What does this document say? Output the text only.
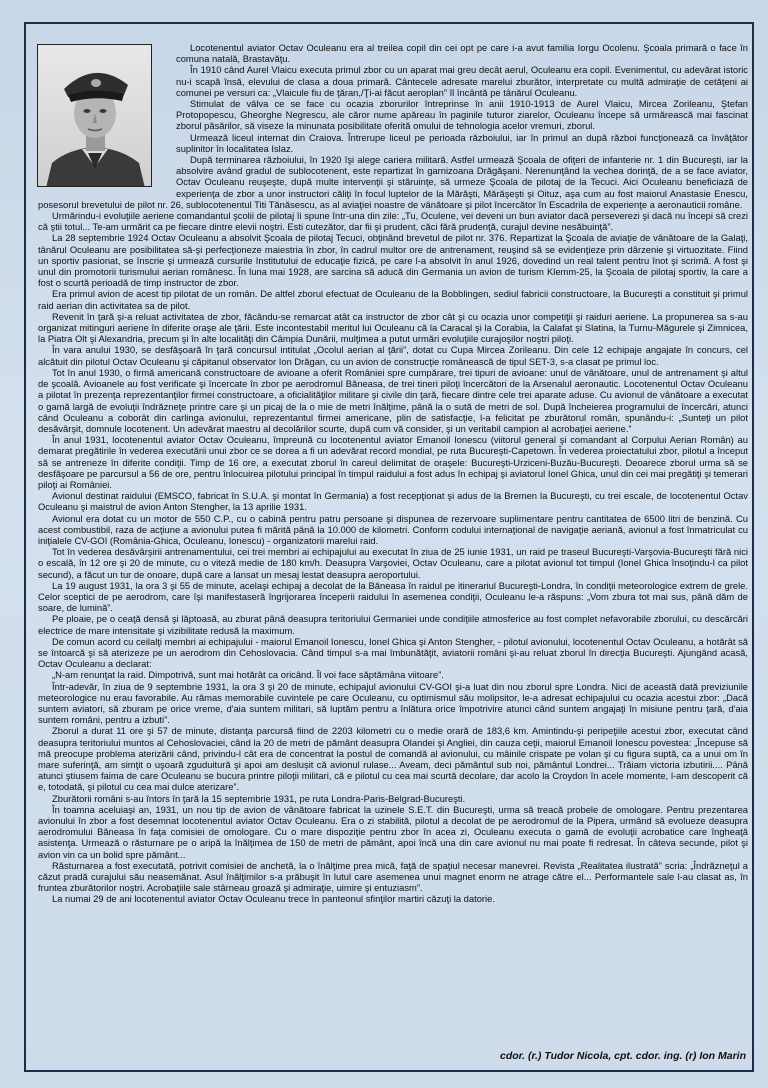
Locotenentul aviator Octav Oculeanu era al treilea copil din cei opt pe care i-a avut familia Iorgu Ocolenu. Şcoala primară o face în comuna natală, Brastavăţu.

În 1910 când Aurel Vlaicu executa primul zbor cu un aparat mai greu decât aerul, Oculeanu era copil. Evenimentul, cu adevărat istoric nu-i scapă însă, elevului de clasa a doua primară. Cântecele adresate marelui zburător, interpretate cu multă admiraţie de cetăţeni ai comunei pe versuri ca: „Vlaicule fiu de ţăran,/Ţi-ai făcut aeroplan” îl încântă pe tânărul Oculeanu.

Stimulat de vâlva ce se face cu ocazia zborurilor întreprinse în anii 1910-1913 de Aurel Vlaicu, Mircea Zorileanu, Ştefan Protopopescu, Gheorghe Negrescu, ale căror nume apăreau în paginile tuturor ziarelor, Oculeanu începe să urmărească mai fascinat zborul păsărilor, să viseze la minunata posibilitate oferită omului de tehnologia acelor vremuri, zborul.

Urmează liceul internat din Craiova. Întrerupe liceul pe perioada războiului, iar în primul an după război funcţionează ca învăţător suplinitor în localitatea Islaz.

După terminarea războiului, în 1920 îşi alege cariera militară. Astfel urmează Şcoala de ofiţeri de infanterie nr. 1 din Bucureşti, iar la absolvire având gradul de sublocotenent, este repartizat în garnizoana Drăgăşani. Nerenunţând la vechea dorinţă, de a se face aviator, Octav Oculeanu reuşeşte, după multe intervenţii şi stăruinţe, să urmeze Şcoala de pilotaj de la Tecuci. Aici Oculeanu beneficiază de experienţa de zbor a unor instructori căliţi în focul luptelor de la Mărăşti, Mărăşeşti şi Oituz, aşa cum au fost maiorul Anastasie Enescu, posesorul brevetului de pilot nr. 26, sublocotenentul Titi Tănăsescu, as al aviaţiei noastre de vânătoare şi pilot încercător în Escadrila de experienţe a aeronauticii române.

Urmărindu-i evoluţiile aeriene comandantul şcolii de pilotaj îi spune într-una din zile: „Tu, Oculene, vei deveni un bun aviator dacă perseverezi şi dacă nu începi să crezi că ştii totul... Te-am urmărit ca pe fiecare dintre elevii noştri. Esti cutezător, dar fii şi prudent, căci fără prudenţă, curajul devine nesăbuinţă”.

La 28 septembrie 1924 Octav Oculeanu a absolvit Şcoala de pilotaj Tecuci, obţinând brevetul de pilot nr. 376. Repartizat la Şcoala de aviaţie de vânătoare de la Galaţi, tânărul Oculeanu are posibilitatea să-şi perfecţioneze maiestria în zbor, în cadrul multor ore de antrenament, reuşind să se evidenţieze prin dârzenie şi virtuozitate. Fiind un sportiv pasionat, se înscrie şi urmează cursurile Institutului de educaţie fizică, pe care l-a absolvit în anul 1926, dovedind un real talent pentru înot şi scrimă. A fost şi unul din promotorii turismului aerian românesc. În luna mai 1928, are sarcina să aducă din Germania un avion de turism Klemm-25, la Şcoala de pilotaj sportiv, la care a fost o scurtă perioadă de timp instructor de zbor.

Era primul avion de acest tip pilotat de un român. De altfel zborul efectuat de Oculeanu de la Bobblingen, sediul fabricii constructoare, la Bucureşti a constituit şi primul raid aerian din activitatea sa de pilot.

Revenit în ţară şi-a reluat activitatea de zbor, făcându-se remarcat atât ca instructor de zbor cât şi cu ocazia unor competiţii şi raiduri aeriene. La propunerea sa s-au organizat mitinguri aeriene în diferite oraşe ale ţării. Este incontestabil meritul lui Oculeanu că la Caracal şi la Corabia, la Calafat şi Slatina, la Turnu-Măgurele şi Zimnicea, la Piatra Olt şi Alexandria, precum şi în alte localităţi din Câmpia Dunării, mulţimea a putut urmări evoluţiile curajoşilor noştri piloţi.

În vara anului 1930, se desfăşoară în ţară concursul intitulat „Ocolul aerian al ţării”, dotat cu Cupa Mircea Zorileanu. Din cele 12 echipaje angajate în concurs, cel alcătuit din pilotul Octav Oculeanu şi căpitanul observator Ion Drăgan, cu un avion de construcţie românească de tipul SET-3, s-a clasat pe primul loc.

Tot în anul 1930, o firmă americană constructoare de avioane a oferit României spre cumpărare, trei tipuri de avioane: unul de vânătoare, unul de antrenament şi altul de şcoală. Avioanele au fost verificate şi încercate în zbor pe aerodromul Băneasa, de trei tineri piloţi încercători de la Arsenalul aeronautic. Locotenentul Octav Oculeanu a pilotat în prezenţa reprezentanţilor firmei constructoare, a oficialităţilor militare şi civile din ţară, fiecare dintre cele trei aparate aduse. Cu avionul de vânătoare a executat o gamă largă de evoluţii îndrăzneţe printre care şi un picaj de la o mie de metri înălţime, până la o sută de metri de sol. După încheierea programului de încercări, atunci când Oculeanu a coborât din carlinga avionului, reprezentantul firmei americane, plin de satisfacţie, l-a felicitat pe zburătorul român, spunându-i: „Sunteţi un pilot desăvârşit, domnule locotenent. Un adevărat maestru al decolărilor scurte, după cum vă consider, şi un veritabil campion al acrobaţiei aeriene.”

În anul 1931, locotenentul aviator Octav Oculeanu, împreună cu locotenentul aviator Emanoil Ionescu (viitorul general şi comandant al Corpului Aerian Român) au demarat pregătirile în vederea executării unui zbor ce se dorea a fi un adevărat record mondial, pe ruta Bucureşti-Capetown. În vederea proiectatului zbor, pilotul a început să se antreneze în diferite condiţii. Timp de 16 ore, a executat zborul în careul delimitat de oraşele: Bucureşti-Urziceni-Buzău-Bucureşti. Deoarece zborul urma să se desfăşoare pe parcursul a 56 de ore, pentru înlocuirea pilotului principal în timpul raidului a fost adus în echipaj şi aviatorul Ionel Ghica, unul din cei mai pregătiţi şi temerari piloţi ai României.

Avionul destinat raidului (EMSCO, fabricat în S.U.A. şi montat în Germania) a fost recepţionat şi adus de la Bremen la Bucureşti, cu trei escale, de locotenentul Octav Oculeanu şi maistrul de avion Anton Stengher, la 13 aprilie 1931.

Avionul era dotat cu un motor de 550 C.P., cu o cabină pentru patru persoane şi dispunea de rezervoare suplimentare pentru cantitatea de 6500 litri de benzină. Cu acest combustibil, raza de acţiune a avionului putea fi mărită până la 10.000 de kilometri. Conform codului internaţional de navigaţie aeriană, avionul a fost înmatriculat cu iniţialele CV-GOI (România-Ghica, Oculeanu, Ionescu) - organizatorii marelui raid.

Tot în vederea desăvârşirii antrenamentului, cei trei membri ai echipajului au executat în ziua de 25 iunie 1931, un raid pe traseul Bucureşti-Varşovia-Bucureşti fără nici o escală, în 12 ore şi 20 de minute, cu o viteză medie de 180 km/h. Deasupra Varşoviei, Octav Oculeanu, care a pilotat avionul tot timpul (Ionel Ghica însoţindu-l ca pilot secund), a făcut un tur de onoare, după care a lansat un mesaj lestat deasupra aeroportului.

La 19 august 1931, la ora 3 şi 55 de minute, acelaşi echipaj a decolat de la Băneasa în raidul pe itinerariul Bucureşti-Londra, în condiţii meteorologice extrem de grele. Celor sceptici de pe aerodrom, care îşi manifestaseră îngrijorarea începerii raidului în asemenea condiţii, Oculeanu le-a răspuns: „Vom zbura tot mai sus, până dăm de soare, de lumină”.

Pe ploaie, pe o ceaţă densă şi lăptoasă, au zburat până deasupra teritoriului Germaniei unde condiţiile atmosferice au fost complet nefavorabile zborului, cu descărcări electrice de mare intensitate şi vizibilitate redusă la maximum.

De comun acord cu ceilalţi membri ai echipajului - maiorul Emanoil Ionescu, Ionel Ghica şi Anton Stengher, - pilotul avionului, locotenentul Octav Oculeanu, a hotărât să se întoarcă şi să aterizeze pe un aerodrom din Cehoslovacia. Când timpul s-a mai îmbunătăţit, aviatorii români şi-au reluat zborul în direcţia Bucureşti. Ajungând acasă, Octav Oculeanu a declarat:

„N-am renunţat la raid. Dimpotrivă, sunt mai hotărât ca oricând. Îl voi face săptămâna viitoare”.

Într-adevăr, în ziua de 9 septembrie 1931, la ora 3 şi 20 de minute, echipajul avionului CV-GOI şi-a luat din nou zborul spre Londra. Nici de această dată previziunile meteorologice nu erau favorabile. Au rămas memorabile cuvintele pe care Oculeanu, cu optimismul său molipsitor, le-a adresat echipajului cu ocazia acestui zbor: „Dacă suntem aviatori, să zburam pe orice vreme, d'aia suntem militari, să luptăm pentru a înlătura orice împotrivire atunci când suntem angajaţi în misiune pentru ţară, d'aia suntem români, pentru a izbuti”.

Zborul a durat 11 ore şi 57 de minute, distanţa parcursă fiind de 2203 kilometri cu o medie orară de 183,6 km. Amintindu-şi peripeţiile acestui zbor, executat când deasupra teritoriului muntos al Cehoslovaciei, când la 20 de metri de pământ deasupra Olandei şi Angliei, din cauza ceţii, maiorul Emanoil Ionescu povestea: „Începuse să mă preocupe problema aterizării când, privindu-l cât era de concentrat la postul de comandă al avionului, cu mâinile crispate pe volan şi cu figura suptă, ca a unui om în mare suferinţă, am simţit o uşoară zguduitură şi apoi am deslușit că avionul rulase... Aveam, deci pământul sub noi, pământul Londrei... Trăiam victoria izbutirii.... Până atunci ştiusem faima de care Oculeanu se bucura printre piloţii militari, că e pilotul cu cea mai scurtă decolare, dar acolo la Croydon în acele momente, l-am descoperit că e, totodată, şi pilotul cu cea mai dulce aterizare”.

Zburătorii români s-au întors în ţară la 15 septembrie 1931, pe ruta Londra-Paris-Belgrad-Bucureşti.

În toamna aceluiaşi an, 1931, un nou tip de avion de vânătoare fabricat la uzinele S.E.T. din Bucureşti, urma să treacă probele de omologare. Pentru prezentarea avionului în zbor a fost desemnat locotenentul aviator Octav Oculeanu. Era o zi stabilită, pilotul a decolat de pe aerodromul de la Pipera, urmând să evolueze deasupra aerodromului Băneasa în faţa comisiei de omologare. Cu o mare dispoziţie pentru zbor în acea zi, Oculeanu executa o gamă de evoluţii acrobatice care îngheaţă asistenţa. Urmează o răsturnare pe o aripă la înălţimea de 150 de metri de pământ, apoi încă una din care avionul nu mai poate fi redresat. În câteva secunde, pilot şi avion vin ca un bolid spre pământ...

Răsturnarea a fost executată, potrivit comisiei de anchetă, la o înălţime prea mică, faţă de spaţiul necesar manevrei. Revista „Realitatea ilustrată” scria: „Îndrăzneţul a căzut pradă curajului său neasemănat. Asul înălţimilor s-a prăbuşit în lutul care asemenea unui magnet enorm ne atrage către el... Performantele sale l-au clasat as, în fruntea zburătorilor noştri. Acrobaţiile sale stârneau groază şi admiraţie, uimire şi entuziasm”.

La numai 29 de ani locotenentul aviator Octav Oculeanu trece în panteonul sfinţilor martiri căzuţi la datorie.

cdor. (r.) Tudor Nicola, cpt. cdor. ing. (r) Ion Marin
